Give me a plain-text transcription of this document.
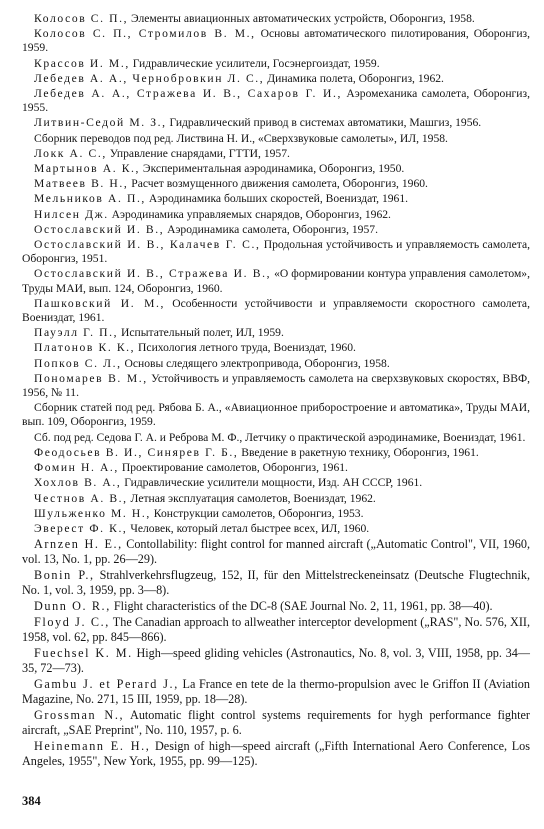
Колосов С. П., Элементы авиационных автоматических устройств, Оборонгиз, 1958.

Колосов С. П., Стромилов В. М., Основы автоматического пилотирования, Оборонгиз, 1959.

Крассов И. М., Гидравлические усилители, Госэнергоиздат, 1959.

Лебедев А. А., Чернобровкин Л. С., Динамика полета, Оборонгиз, 1962.

Лебедев А. А., Стражева И. В., Сахаров Г. И., Аэромеханика самолета, Оборонгиз, 1955.

Литвин-Седой М. З., Гидравлический привод в системах автоматики, Машгиз, 1956.

Сборник переводов под ред. Листвина Н. И., «Сверхзвуковые самолеты», ИЛ, 1958.

Локк А. С., Управление снарядами, ГТТИ, 1957.

Мартынов А. К., Экспериментальная аэродинамика, Оборонгиз, 1950.

Матвеев В. Н., Расчет возмущенного движения самолета, Оборонгиз, 1960.

Мельников А. П., Аэродинамика больших скоростей, Воениздат, 1961.

Нилсен Дж. Аэродинамика управляемых снарядов, Оборонгиз, 1962.

Остославский И. В., Аэродинамика самолета, Оборонгиз, 1957.

Остославский И. В., Калачев Г. С., Продольная устойчивость и управляемость самолета, Оборонгиз, 1951.

Остославский И. В., Стражева И. В., «О формировании контура управления самолетом», Труды МАИ, вып. 124, Оборонгиз, 1960.

Пашковский И. М., Особенности устойчивости и управляемости скоростного самолета, Воениздат, 1961.

Пауэлл Г. П., Испытательный полет, ИЛ, 1959.

Платонов К. К., Психология летного труда, Воениздат, 1960.

Попков С. Л., Основы следящего электропривода, Оборонгиз, 1958.

Пономарев В. М., Устойчивость и управляемость самолета на сверхзвуковых скоростях, ВВФ, 1956, № 11.

Сборник статей под ред. Рябова Б. А., «Авиационное приборостроение и автоматика», Труды МАИ, вып. 109, Оборонгиз, 1959.

Сб. под ред. Седова Г. А. и Реброва М. Ф., Летчику о практической аэродинамике, Воениздат, 1961.

Феодосьев В. И., Синярев Г. Б., Введение в ракетную технику, Оборонгиз, 1961.

Фомин Н. А., Проектирование самолетов, Оборонгиз, 1961.

Хохлов В. А., Гидравлические усилители мощности, Изд. АН СССР, 1961.

Честнов А. В., Летная эксплуатация самолетов, Воениздат, 1962.

Шульженко М. Н., Конструкции самолетов, Оборонгиз, 1953.

Эверест Ф. К., Человек, который летал быстрее всех, ИЛ, 1960.

Arnzen H. E., Contollability: flight control for manned aircraft („Automatic Control", VII, 1960, vol. 13, No. 1, pp. 26—29).

Bonin P., Strahlverkehrsflugzeug, 152, II, für den Mittelstreckeneinsatz (Deutsche Flugtechnik, No. 1, vol. 3, 1959, pp. 3—8).

Dunn O. R., Flight characteristics of the DC-8 (SAE Journal No. 2, 11, 1961, pp. 38—40).

Floyd J. C., The Canadian approach to allweather interceptor development („RAS", No. 576, XII, 1958, vol. 62, pp. 845—866).

Fuechsel K. M. High—speed gliding vehicles (Astronautics, No. 8, vol. 3, VIII, 1958, pp. 34—35, 72—73).

Gambu J. et Perard J., La France en tete de la thermo-propulsion avec le Griffon II (Aviation Magazine, No. 271, 15 III, 1959, pp. 18—28).

Grossman N., Automatic flight control systems requirements for hygh performance fighter aircraft, „SAE Preprint", No. 110, 1957, p. 6.

Heinemann E. H., Design of high—speed aircraft („Fifth International Aero Conference, Los Angeles, 1955", New York, 1955, pp. 99—125).

384
